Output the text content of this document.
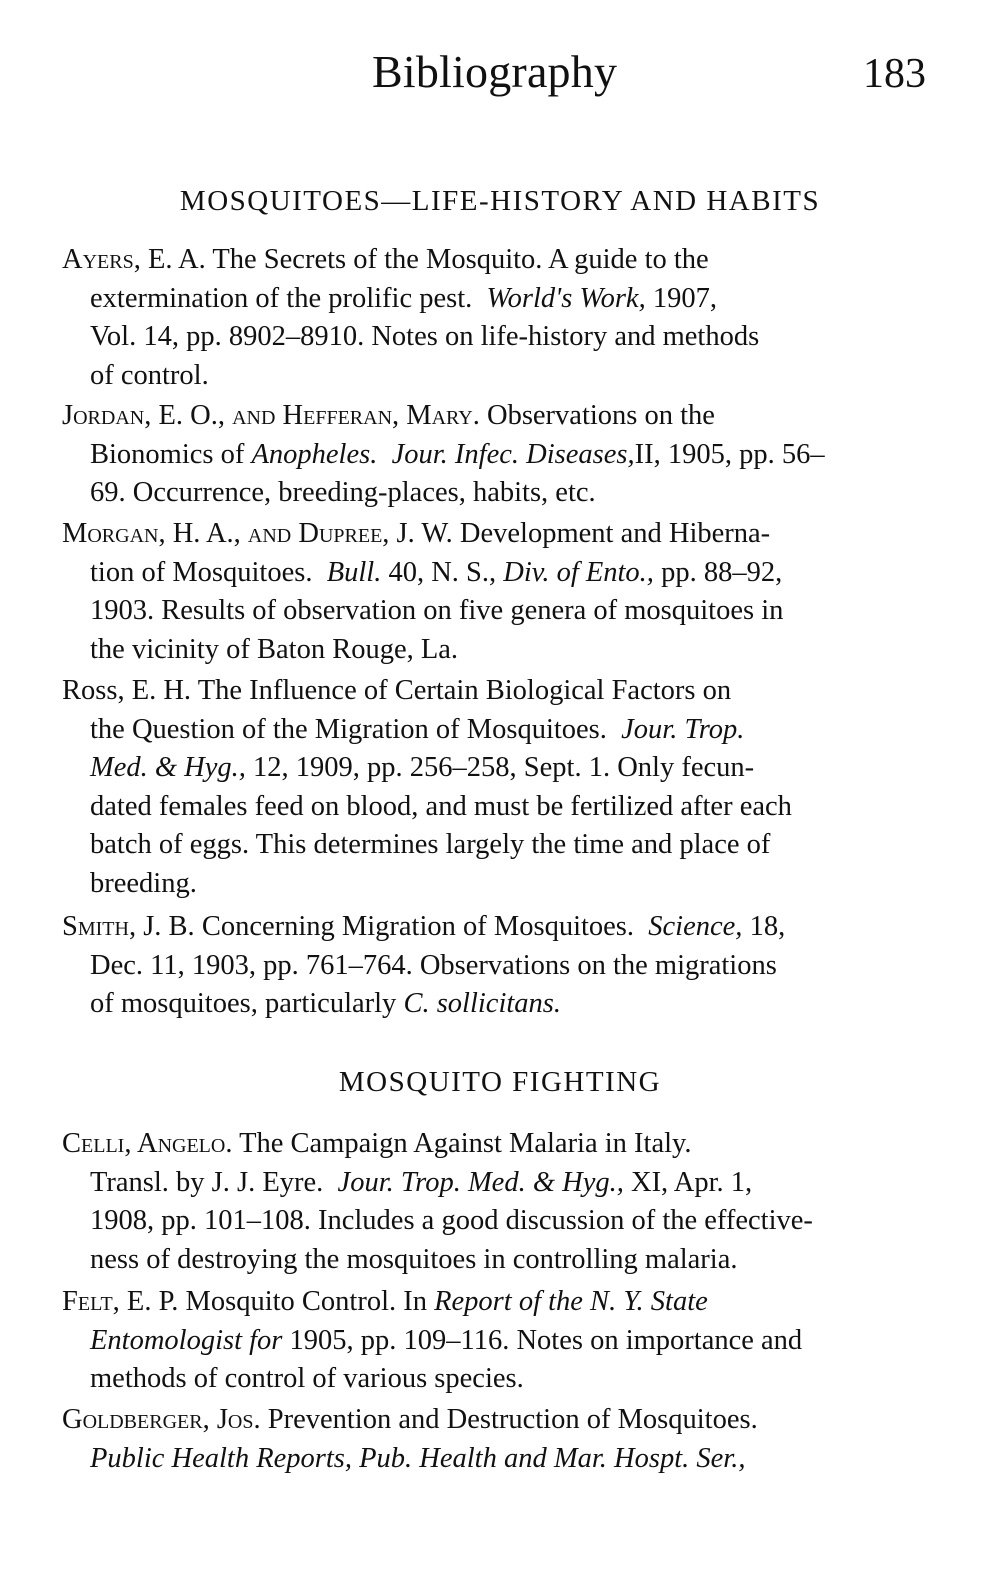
Bibliography	183
MOSQUITOES—LIFE-HISTORY AND HABITS
Ayers, E. A. The Secrets of the Mosquito. A guide to the
extermination of the prolific pest. World's Work, 1907,
Vol. 14, pp. 8902–8910. Notes on life-history and methods
of control.
Jordan, E. O., and Hefferan, Mary. Observations on the
Bionomics of Anopheles. Jour. Infec. Diseases,II, 1905, pp. 56–
69. Occurrence, breeding-places, habits, etc.
Morgan, H. A., and Dupree, J. W. Development and Hiberna-
tion of Mosquitoes. Bull. 40, N. S., Div. of Ento., pp. 88–92,
1903. Results of observation on five genera of mosquitoes in
the vicinity of Baton Rouge, La.
Ross, E. H. The Influence of Certain Biological Factors on
the Question of the Migration of Mosquitoes. Jour. Trop.
Med. & Hyg., 12, 1909, pp. 256–258, Sept. 1. Only fecun-
dated females feed on blood, and must be fertilized after each
batch of eggs. This determines largely the time and place of
breeding.
Smith, J. B. Concerning Migration of Mosquitoes. Science, 18,
Dec. 11, 1903, pp. 761–764. Observations on the migrations
of mosquitoes, particularly C. sollicitans.
MOSQUITO FIGHTING
Celli, Angelo. The Campaign Against Malaria in Italy.
Transl. by J. J. Eyre. Jour. Trop. Med. & Hyg., XI, Apr. 1,
1908, pp. 101–108. Includes a good discussion of the effective-
ness of destroying the mosquitoes in controlling malaria.
Felt, E. P. Mosquito Control. In Report of the N. Y. State
Entomologist for 1905, pp. 109–116. Notes on importance and
methods of control of various species.
Goldberger, Jos. Prevention and Destruction of Mosquitoes.
Public Health Reports, Pub. Health and Mar. Hospt. Ser.,
